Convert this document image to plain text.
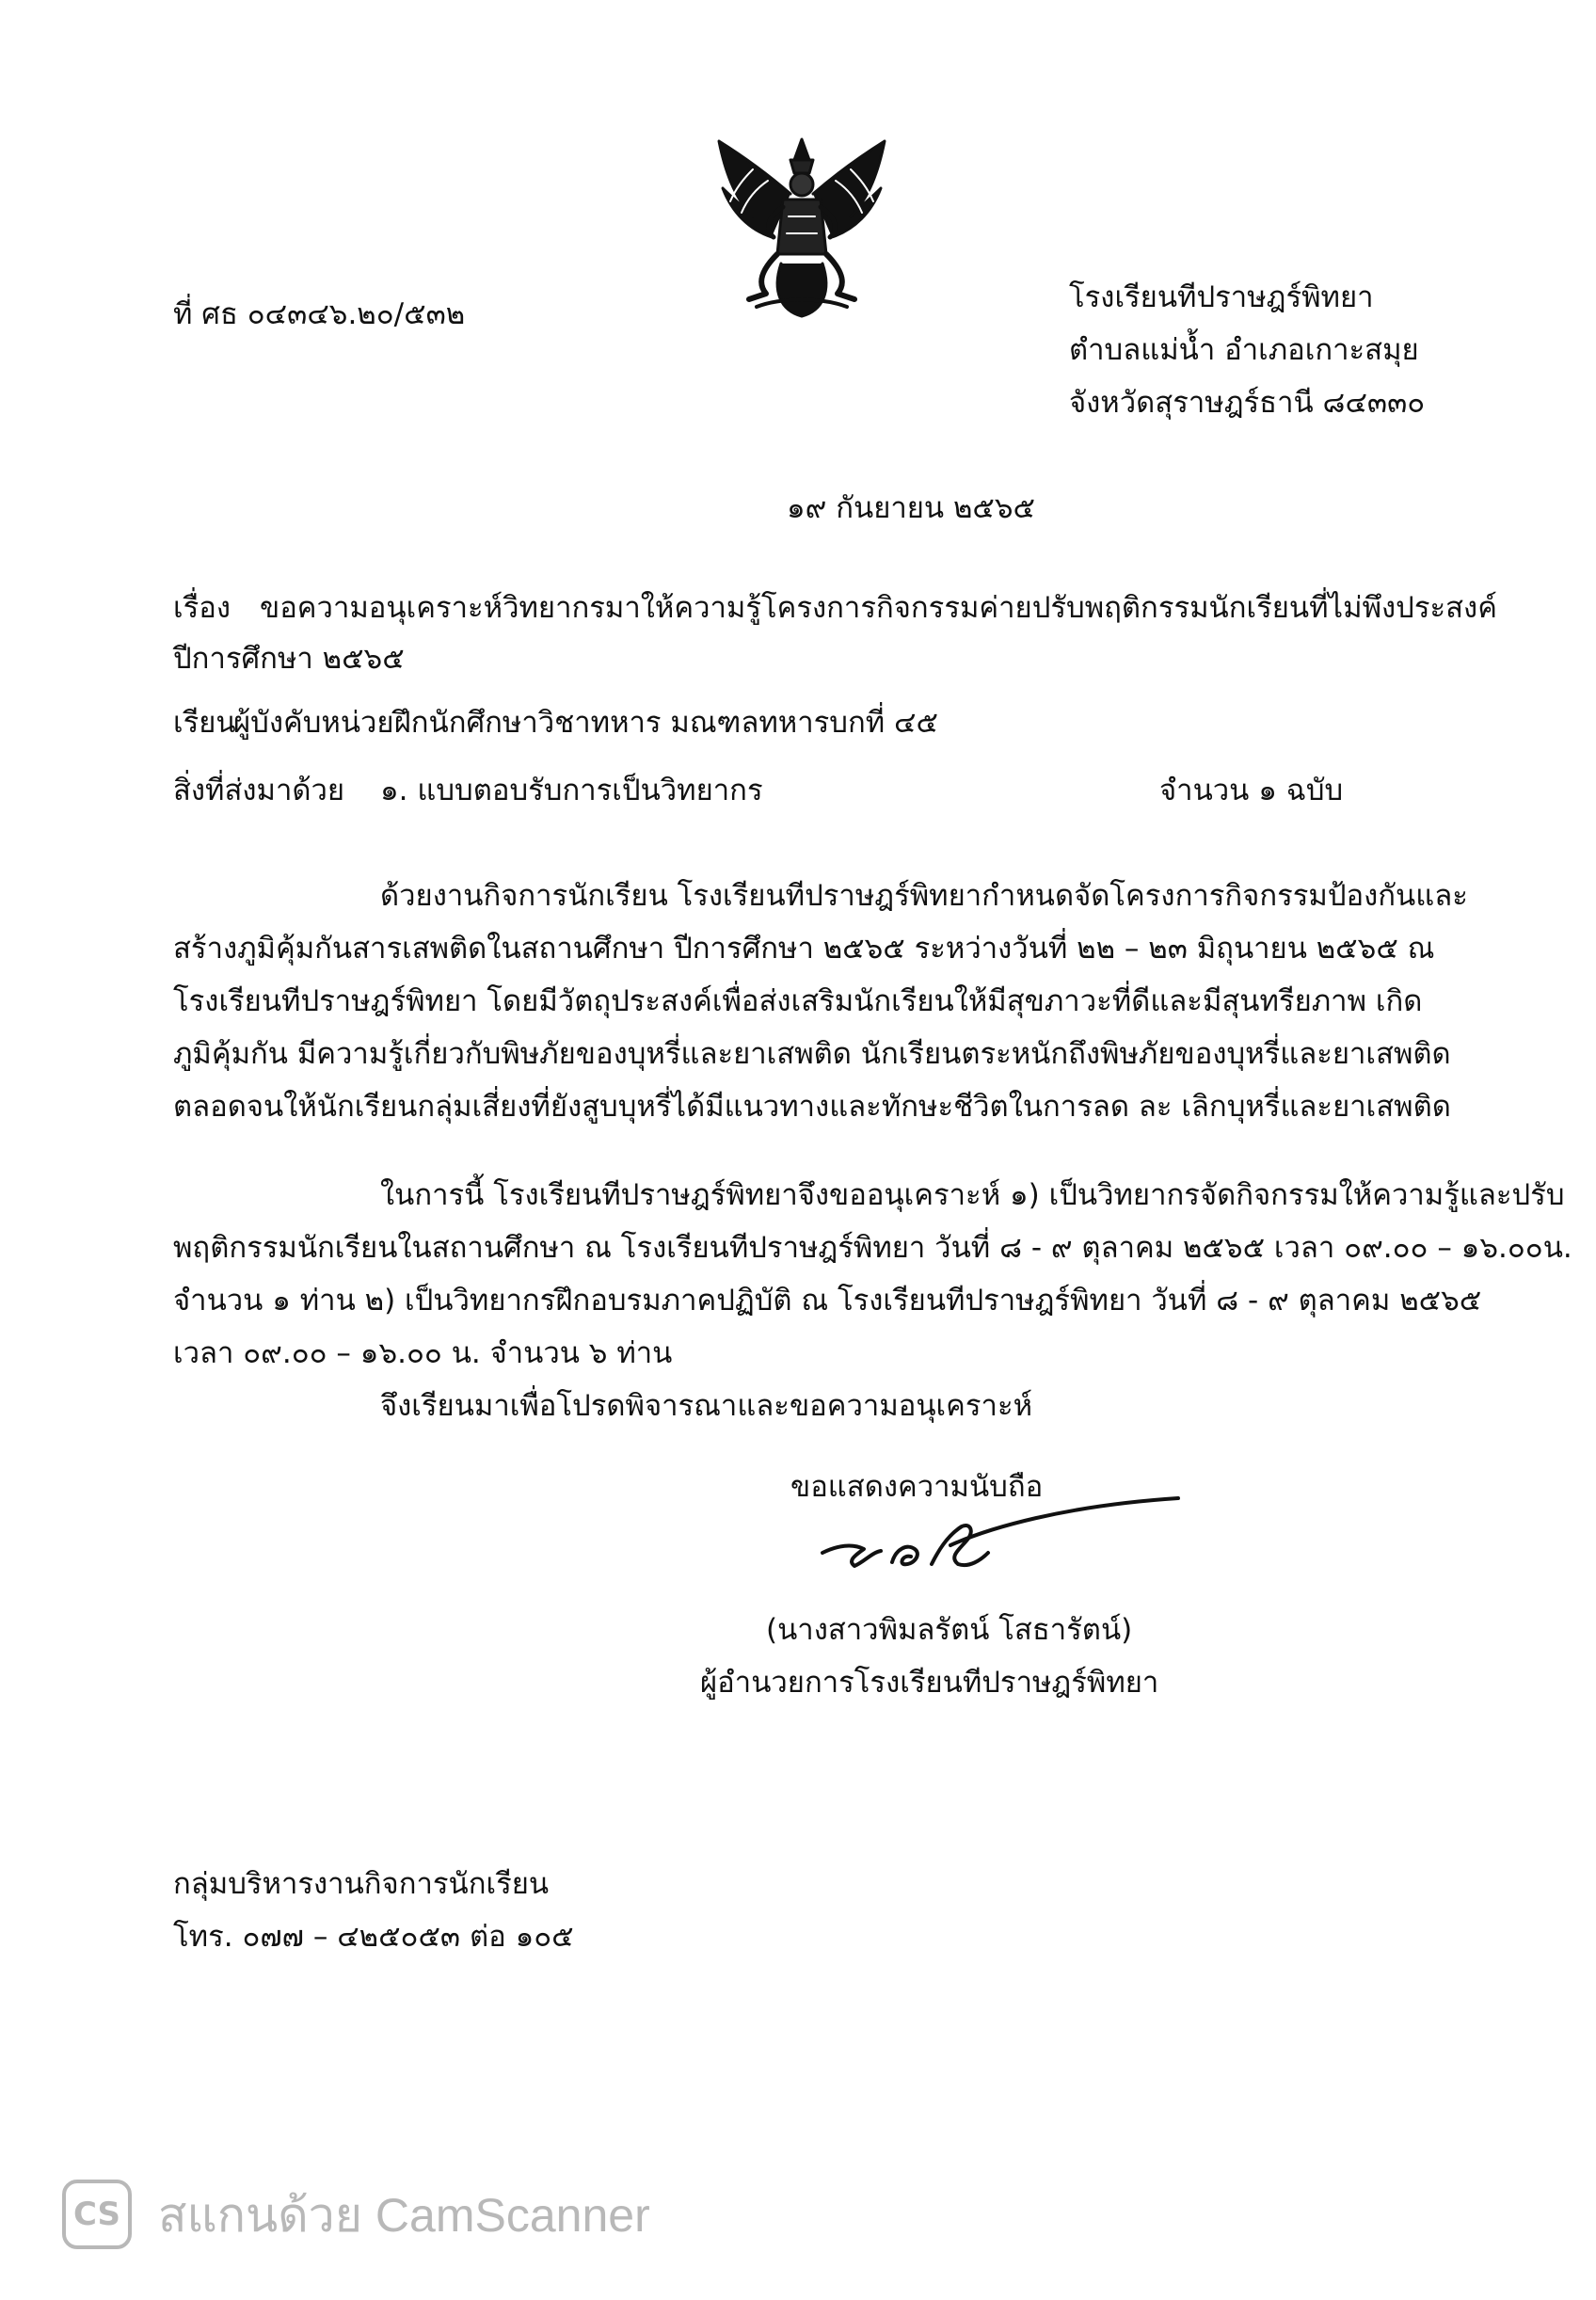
ที่ ศธ ๐๔๓๔๖.๒๐/๕๓๒	โรงเรียนทีปราษฎร์พิทยา
ตำบลแม่น้ำ อำเภอเกาะสมุย
จังหวัดสุราษฎร์ธานี ๘๔๓๓๐
๑๙ กันยายน ๒๕๖๕
เรื่อง ขอความอนุเคราะห์วิทยากรมาให้ความรู้โครงการกิจกรรมค่ายปรับพฤติกรรมนักเรียนที่ไม่พึงประสงค์
ปีการศึกษา ๒๕๖๕
เรียน
ผู้บังคับหน่วยฝึกนักศึกษาวิชาทหาร มณฑลทหารบกที่ ๔๕
สิ่งที่ส่งมาด้วย ๑. แบบตอบรับการเป็นวิทยากร	จำนวน ๑ ฉบับ
ด้วยงานกิจการนักเรียน โรงเรียนทีปราษฎร์พิทยากำหนดจัดโครงการกิจกรรมป้องกันและ
สร้างภูมิคุ้มกันสารเสพติดในสถานศึกษา ปีการศึกษา ๒๕๖๕ ระหว่างวันที่ ๒๒ – ๒๓ มิถุนายน ๒๕๖๕ ณ
โรงเรียนทีปราษฎร์พิทยา โดยมีวัตถุประสงค์เพื่อส่งเสริมนักเรียนให้มีสุขภาวะที่ดีและมีสุนทรียภาพ เกิด
ภูมิคุ้มกัน มีความรู้เกี่ยวกับพิษภัยของบุหรี่และยาเสพติด นักเรียนตระหนักถึงพิษภัยของบุหรี่และยาเสพติด
ตลอดจนให้นักเรียนกลุ่มเสี่ยงที่ยังสูบบุหรี่ได้มีแนวทางและทักษะชีวิตในการลด ละ เลิกบุหรี่และยาเสพติด
ในการนี้ โรงเรียนทีปราษฎร์พิทยาจึงขออนุเคราะห์ ๑) เป็นวิทยากรจัดกิจกรรมให้ความรู้และปรับ
พฤติกรรมนักเรียนในสถานศึกษา ณ โรงเรียนทีปราษฎร์พิทยา วันที่ ๘ - ๙ ตุลาคม ๒๕๖๕ เวลา ๐๙.๐๐ – ๑๖.๐๐น.
จำนวน ๑ ท่าน ๒) เป็นวิทยากรฝึกอบรมภาคปฏิบัติ ณ โรงเรียนทีปราษฎร์พิทยา วันที่ ๘ - ๙ ตุลาคม ๒๕๖๕
เวลา ๐๙.๐๐ – ๑๖.๐๐ น. จำนวน ๖ ท่าน
จึงเรียนมาเพื่อโปรดพิจารณาและขอความอนุเคราะห์
ขอแสดงความนับถือ
(นางสาวพิมลรัตน์ โสธารัตน์)
ผู้อำนวยการโรงเรียนทีปราษฎร์พิทยา
กลุ่มบริหารงานกิจการนักเรียน
โทร. ๐๗๗ – ๔๒๕๐๕๓ ต่อ ๑๐๕
CS สแกนด้วย CamScanner
